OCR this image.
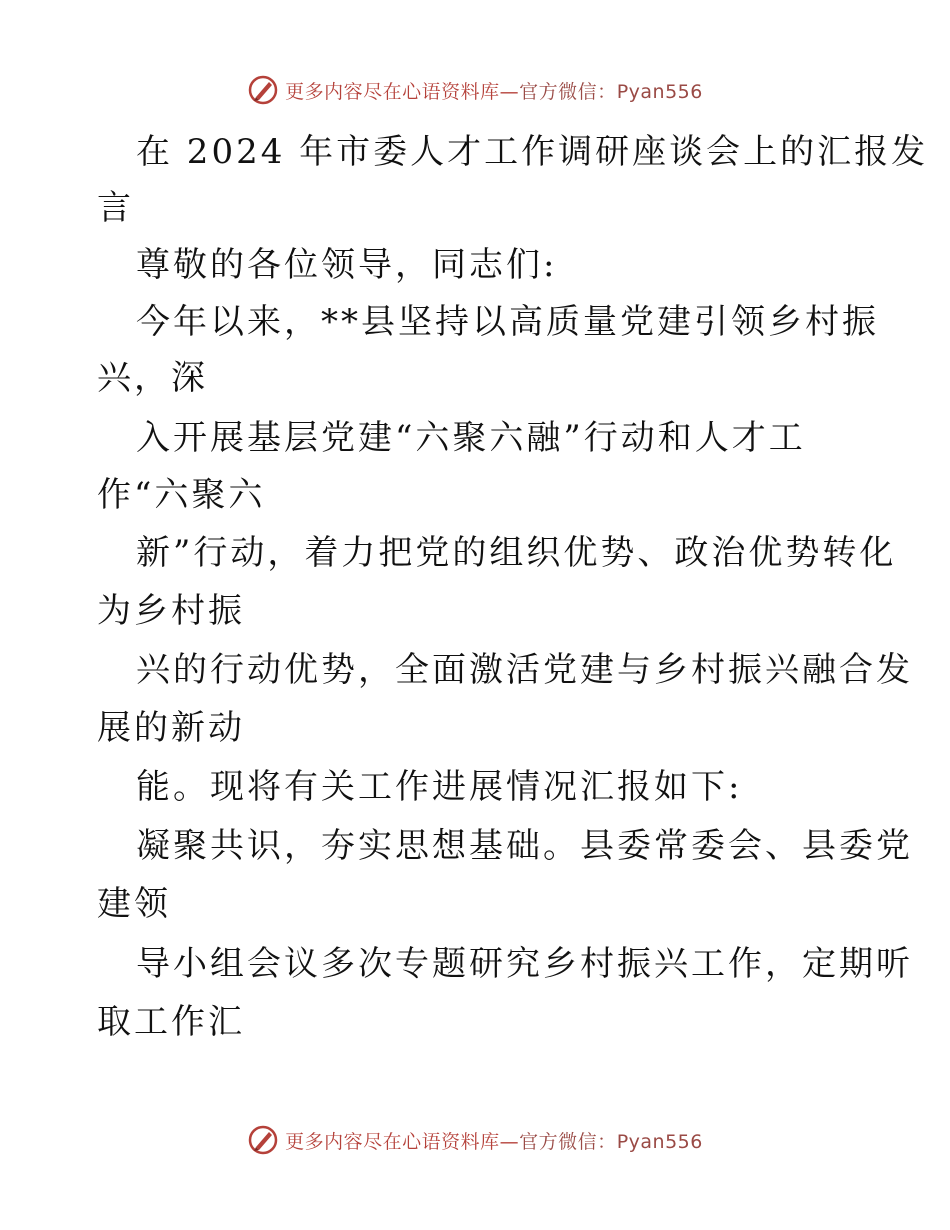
更多内容尽在心语资料库—官方微信：Pyan556
在 2024 年市委人才工作调研座谈会上的汇报发
言
尊敬的各位领导，同志们:
今年以来，**县坚持以高质量党建引领乡村振
兴，深
入开展基层党建“六聚六融”行动和人才工
作“六聚六
新”行动，着力把党的组织优势、政治优势转化
为乡村振
兴的行动优势，全面激活党建与乡村振兴融合发
展的新动
能。现将有关工作进展情况汇报如下:
凝聚共识，夯实思想基础。县委常委会、县委党
建领
导小组会议多次专题研究乡村振兴工作，定期听
取工作汇
更多内容尽在心语资料库—官方微信：Pyan556
